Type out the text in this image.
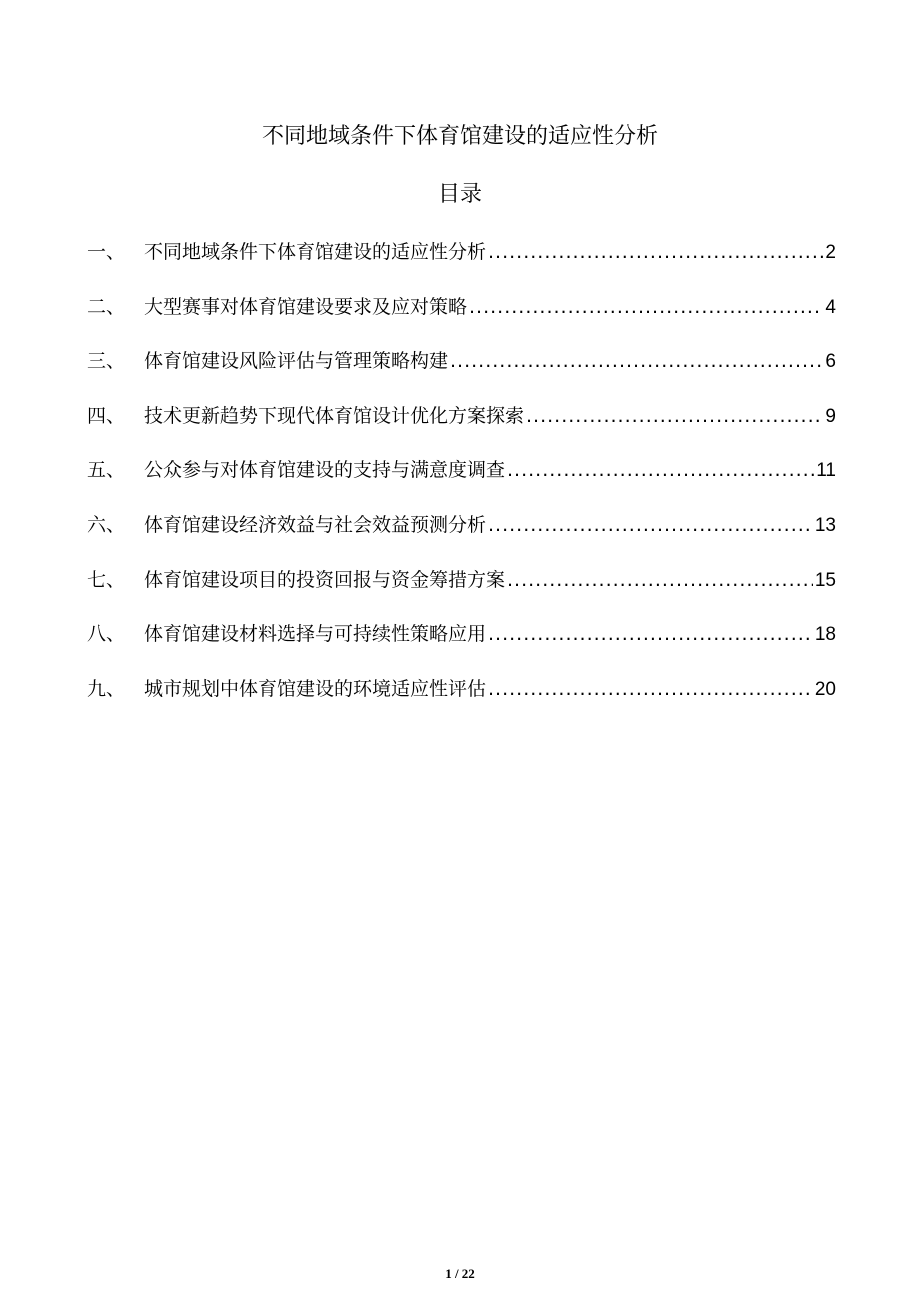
不同地域条件下体育馆建设的适应性分析
目录
一、 不同地域条件下体育馆建设的适应性分析 .....	2
二、 大型赛事对体育馆建设要求及应对策略 .....	4
三、 体育馆建设风险评估与管理策略构建 .....	6
四、 技术更新趋势下现代体育馆设计优化方案探索 .....	9
五、 公众参与对体育馆建设的支持与满意度调查 .....	11
六、 体育馆建设经济效益与社会效益预测分析 .....	13
七、 体育馆建设项目的投资回报与资金筹措方案 .....	15
八、 体育馆建设材料选择与可持续性策略应用 .....	18
九、 城市规划中体育馆建设的环境适应性评估 .....	20
1 / 22
